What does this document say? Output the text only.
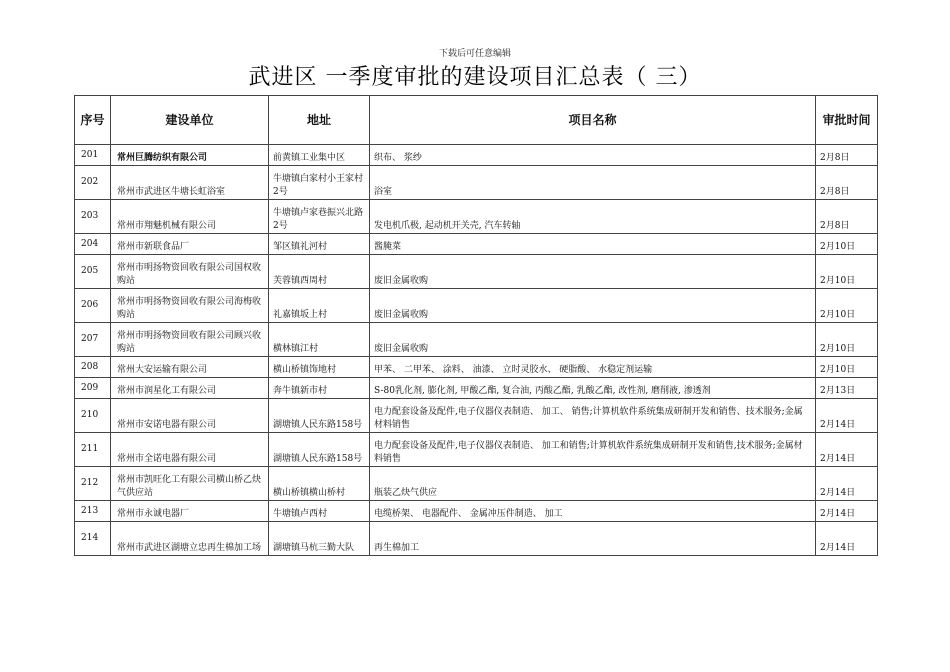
下载后可任意编辑
武进区 一季度审批的建设项目汇总表（ 三）
序号	建设单位	地址	项目名称	审批时间
201	常州巨腾纺织有限公司	前黄镇工业集中区	织布、 浆纱	2月8日
202	常州市武进区牛塘长虹浴室	牛塘镇白家村小王家村2号	浴室	2月8日
203	常州市翔魅机械有限公司	牛塘镇卢家巷振兴北路2号	发电机爪极, 起动机开关壳, 汽车转轴	2月8日
204	常州市新联食品厂	邹区镇礼河村	酱腌菜	2月10日
205	常州市明扬物资回收有限公司国权收购站	芙蓉镇西周村	废旧金属收购	2月10日
206	常州市明扬物资回收有限公司海梅收购站	礼嘉镇坂上村	废旧金属收购	2月10日
207	常州市明扬物资回收有限公司顾兴收购站	横林镇江村	废旧金属收购	2月10日
208	常州大安运输有限公司	横山桥镇饰地村	甲苯、 二甲苯、 涂料、 油漆、 立时灵胶水、 硬脂酸、 水稳定剂运输	2月10日
209	常州市润星化工有限公司	奔牛镇新市村	S-80乳化剂, 膨化剂, 甲酸乙酯, 复合油, 丙酸乙酯, 乳酸乙酯, 改性剂, 磨削液, 渗透剂	2月13日
210	常州市安诺电器有限公司	湖塘镇人民东路158号	电力配套设备及配件,电子仪器仪表制造、 加工、 销售;计算机软件系统集成研制开发和销售、技术服务;金属材料销售	2月14日
211	常州市全诺电器有限公司	湖塘镇人民东路158号	电力配套设备及配件,电子仪器仪表制造、 加工和销售;计算机软件系统集成研制开发和销售,技术服务;金属材料销售	2月14日
212	常州市凯旺化工有限公司横山桥乙炔气供应站	横山桥镇横山桥村	瓶装乙炔气供应	2月14日
213	常州市永诚电器厂	牛塘镇卢西村	电缆桥架、 电器配件、 金属冲压件制造、 加工	2月14日
214	常州市武进区湖塘立忠再生棉加工场	湖塘镇马杭三勤大队	再生棉加工	2月14日
